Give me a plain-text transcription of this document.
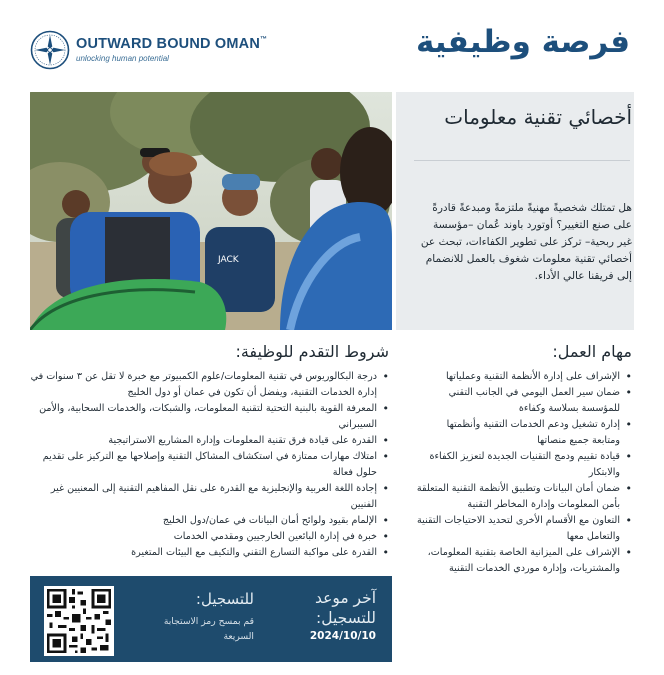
OUTWARD BOUND OMAN™
unlocking human potential	فرصة وظيفية
JACK
أخصائي تقنية معلومات
هل تمتلك شخصيةً مهنيةً ملتزمةً ومبدعةً قادرةً على صنع التغيير؟ أوتورد باوند عُمان –مؤسسة غير ربحية– تركز على تطوير الكفاءات، تبحث عن أخصائي تقنية معلومات شغوف بالعمل للانضمام إلى فريقنا عالي الأداء.
مهام العمل:
• الإشراف على إدارة الأنظمة التقنية وعملياتها
• ضمان سير العمل اليومي في الجانب التقني للمؤسسة بسلاسة وكفاءة
• إدارة تشغيل ودعم الخدمات التقنية وأنظمتها ومتابعة جميع منصاتها
• قيادة تقييم ودمج التقنيات الجديدة لتعزيز الكفاءة والابتكار
• ضمان أمان البيانات وتطبيق الأنظمة التقنية المتعلقة بأمن المعلومات وإدارة المخاطر التقنية
• التعاون مع الأقسام الأخرى لتحديد الاحتياجات التقنية والتعامل معها
• الإشراف على الميزانية الخاصة بتقنية المعلومات، والمشتريات، وإدارة موردي الخدمات التقنية
شروط التقدم للوظيفة:
• درجة البكالوريوس في تقنية المعلومات/علوم الكمبيوتر مع خبرة لا تقل عن ٣ سنوات في إدارة الخدمات التقنية، ويفضل أن تكون في عمان أو دول الخليج
• المعرفة القوية بالبنية التحتية لتقنية المعلومات، والشبكات، والخدمات السحابية، والأمن السيبراني
• القدرة على قيادة فرق تقنية المعلومات وإدارة المشاريع الاستراتيجية
• امتلاك مهارات ممتازة في استكشاف المشاكل التقنية وإصلاحها مع التركيز على تقديم حلول فعالة
• إجادة اللغة العربية والإنجليزية مع القدرة على نقل المفاهيم التقنية إلى المعنيين غير الفنيين
• الإلمام بقيود ولوائح أمان البيانات في عمان/دول الخليج
• خبرة في إدارة البائعين الخارجيين ومقدمي الخدمات
• القدرة على مواكبة التسارع التقني والتكيف مع البيئات المتغيرة
للتسجيل:
قم بمسح رمز الاستجابة السريعة
آخر موعد للتسجيل:
2024/10/10
